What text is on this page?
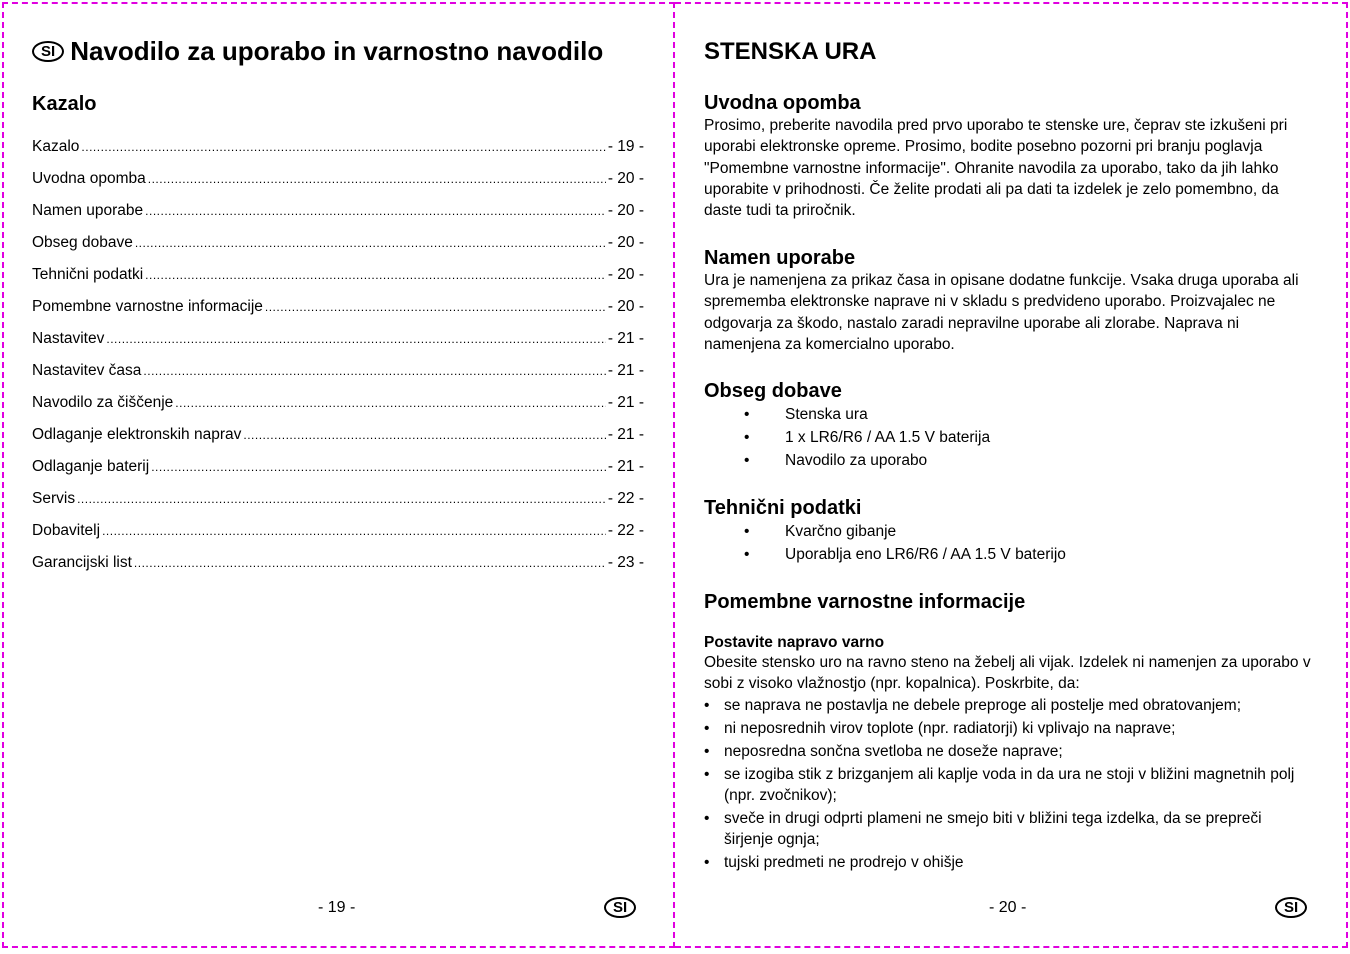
SI Navodilo za uporabo in varnostno navodilo
Kazalo
Kazalo .....	- 19 -
Uvodna opomba .....	- 20 -
Namen uporabe .....	- 20 -
Obseg dobave .....	- 20 -
Tehnični podatki .....	- 20 -
Pomembne varnostne informacije .....	- 20 -
Nastavitev .....	- 21 -
Nastavitev časa .....	- 21 -
Navodilo za čiščenje .....	- 21 -
Odlaganje elektronskih naprav .....	- 21 -
Odlaganje baterij .....	- 21 -
Servis .....	- 22 -
Dobavitelj .....	- 22 -
Garancijski list .....	- 23 -
- 19 -	SI
STENSKA URA
Uvodna opomba

Prosimo, preberite navodila pred prvo uporabo te stenske ure, čeprav ste izkušeni pri uporabi elektronske opreme. Prosimo, bodite posebno pozorni pri branju poglavja "Pomembne varnostne informacije". Ohranite navodila za uporabo, tako da jih lahko uporabite v prihodnosti. Če želite prodati ali pa dati ta izdelek je zelo pomembno, da daste tudi ta priročnik.

Namen uporabe

Ura je namenjena za prikaz časa in opisane dodatne funkcije. Vsaka druga uporaba ali sprememba elektronske naprave ni v skladu s predvideno uporabo. Proizvajalec ne odgovarja za škodo, nastalo zaradi nepravilne uporabe ali zlorabe. Naprava ni namenjena za komercialno uporabo.

Obseg dobave
• Stenska ura
• 1 x LR6/R6 / AA 1.5 V baterija
• Navodilo za uporabo
Tehnični podatki
• Kvarčno gibanje
• Uporablja eno LR6/R6 / AA 1.5 V baterijo
Pomembne varnostne informacije
Postavite napravo varno

Obesite stensko uro na ravno steno na žebelj ali vijak. Izdelek ni namenjen za uporabo v sobi z visoko vlažnostjo (npr. kopalnica). Poskrbite, da:

• se naprava ne postavlja ne debele preproge ali postelje med obratovanjem;
• ni neposrednih virov toplote (npr. radiatorji) ki vplivajo na naprave;
• neposredna sončna svetloba ne doseže naprave;
• se izogiba stik z brizganjem ali kaplje voda in da ura ne stoji v bližini magnetnih polj (npr. zvočnikov);
• sveče in drugi odprti plameni ne smejo biti v bližini tega izdelka, da se prepreči širjenje ognja;
• tujski predmeti ne prodrejo v ohišje
- 20 -	SI
